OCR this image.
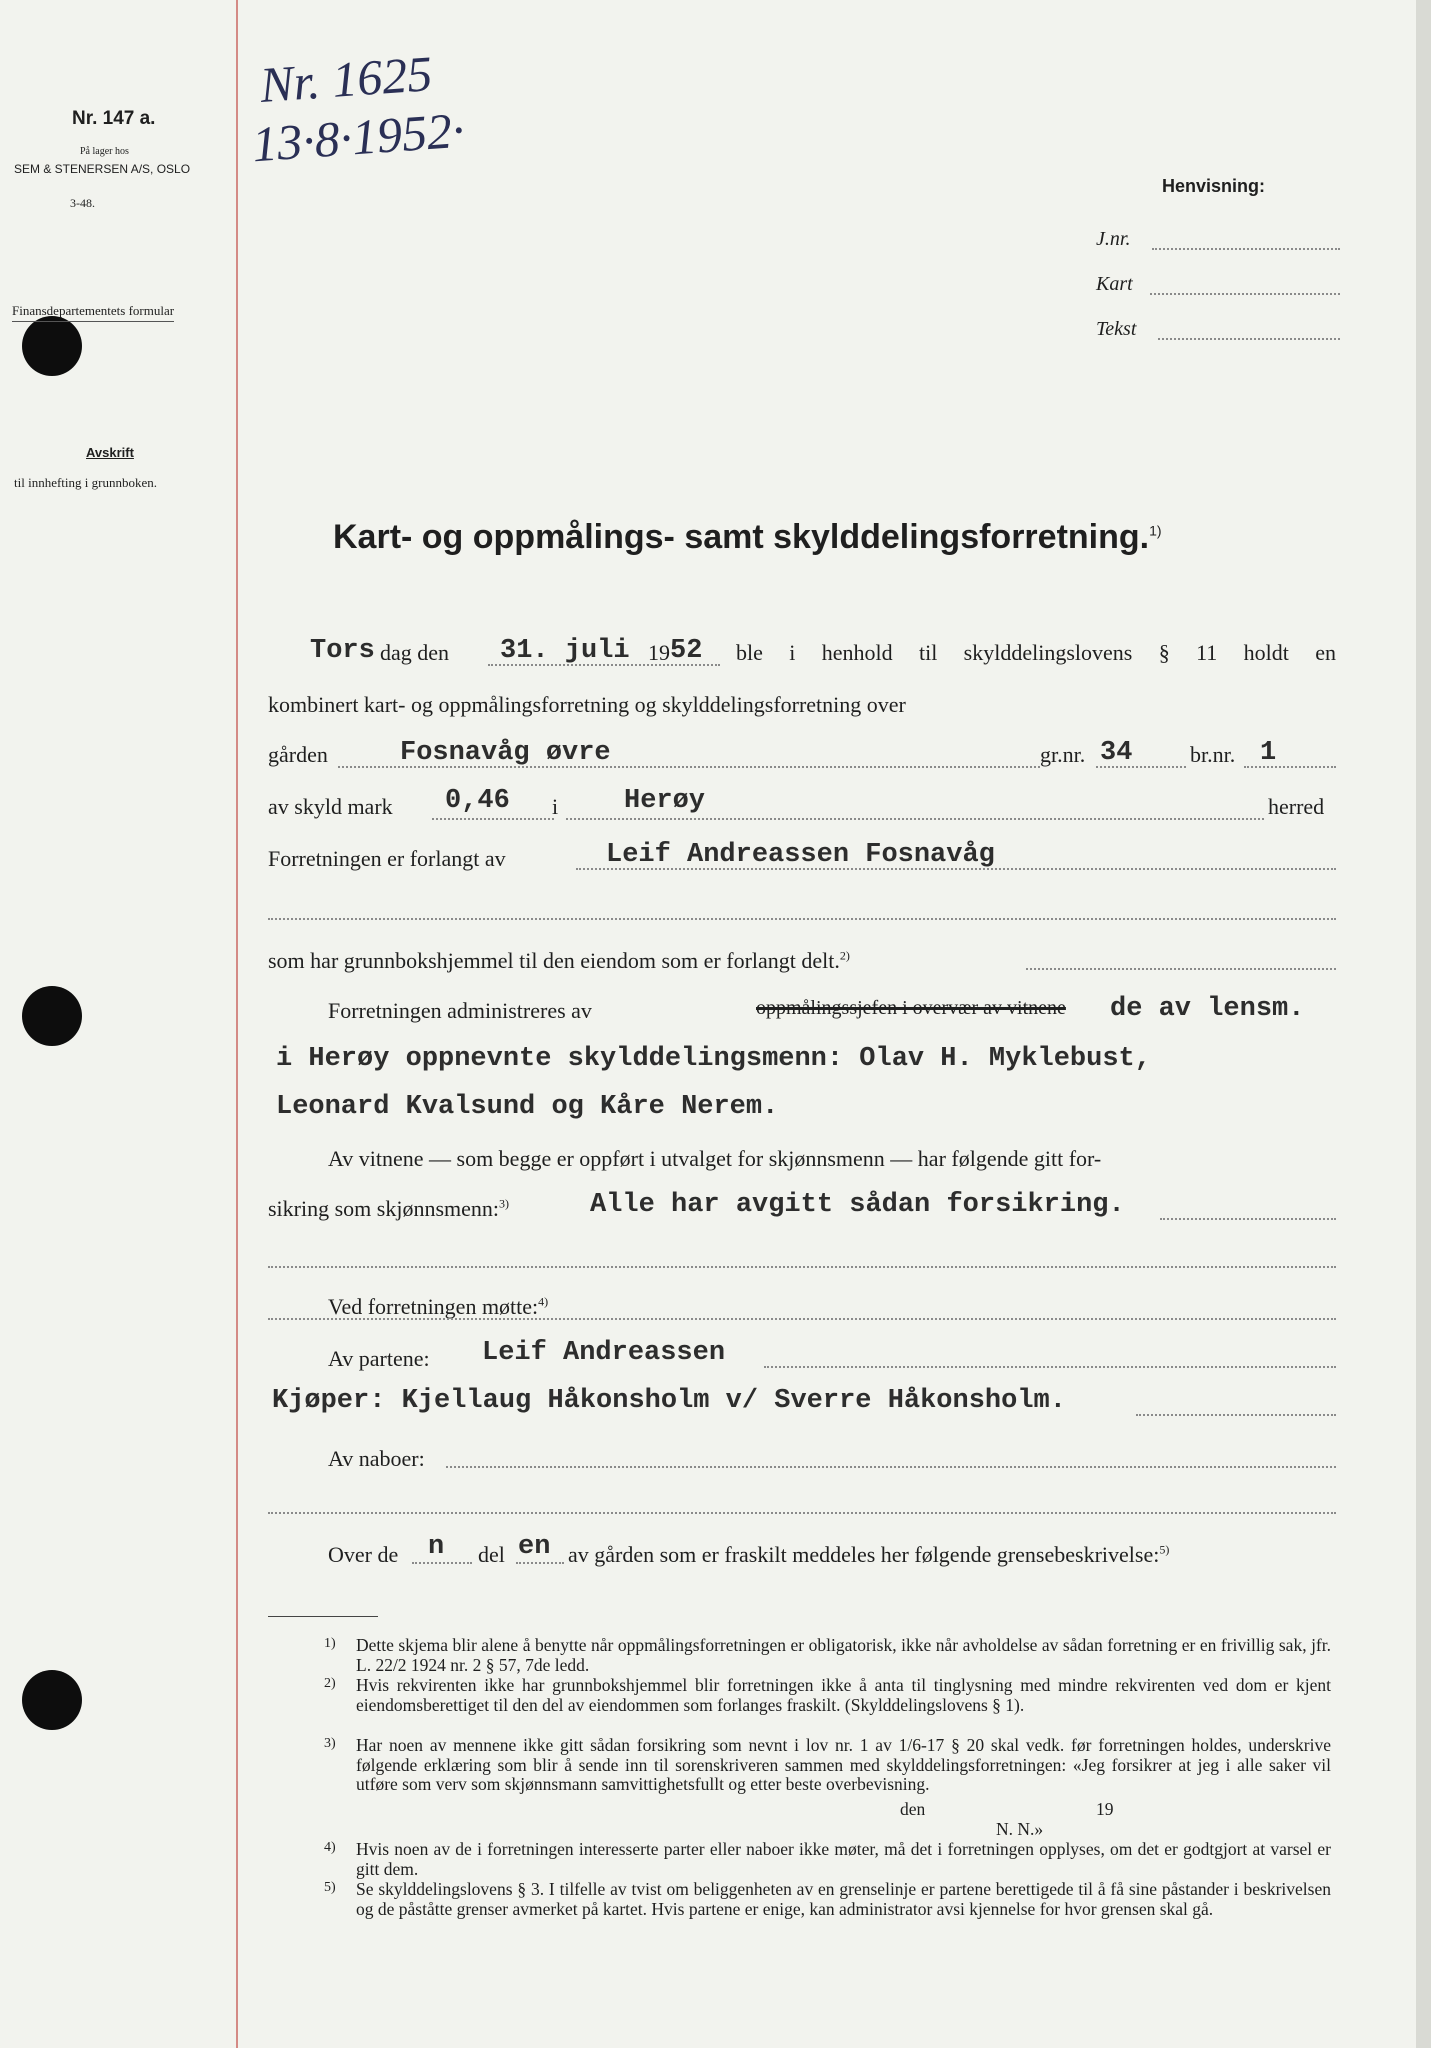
Nr. 147 a.
På lager hos
SEM & STENERSEN A/S, OSLO
3-48.
Finansdepartementets formular
Avskrift
til innhefting i grunnboken.
Nr. 1625
13·8·1952·
Henvisning:
J.nr.
Kart
Tekst
Kart- og oppmålings- samt skylddelingsforretning.$^{1)}$
Tors dag den 31. juli 19 52 ble i henhold til skylddelingslovens § 11 holdt en
kombinert kart- og oppmålingsforretning og skylddelingsforretning over
gården	Fosnavåg øvre	gr.nr. 34	br.nr. 1
av skyld mark 0,46 i Herøy	herred
Forretningen er forlangt av	Leif Andreassen Fosnavåg
som har grunnbokshjemmel til den eiendom som er forlangt delt.$^{2)}$
Forretningen administreres av	oppmålingssjefen i overvær av vitnene	de av lensm.
i Herøy oppnevnte skylddelingsmenn: Olav H. Myklebust,
Leonard Kvalsund og Kåre Nerem.
Av vitnene — som begge er oppført i utvalget for skjønnsmenn — har følgende gitt for-
sikring som skjønnsmenn:$^{3)}$	Alle har avgitt sådan forsikring.
Ved forretningen møtte:$^{4)}$
Av partene: Leif Andreassen
Kjøper: Kjellaug Håkonsholm v/ Sverre Håkonsholm.
Av naboer:
Over de n del en av gården som er fraskilt meddeles her følgende grensebeskrivelse:$^{5)}$
1) Dette skjema blir alene å benytte når oppmålingsforretningen er obligatorisk, ikke når avholdelse av sådan forretning er en frivillig sak, jfr. L. 22/2 1924 nr. 2 § 57, 7de ledd.
2) Hvis rekvirenten ikke har grunnbokshjemmel blir forretningen ikke å anta til tinglysning med mindre rekvirenten ved dom er kjent eiendomsberettiget til den del av eiendommen som forlanges fraskilt. (Skylddelingslovens § 1).
3) Har noen av mennene ikke gitt sådan forsikring som nevnt i lov nr. 1 av 1/6-17 § 20 skal vedk. før forretningen holdes, underskrive følgende erklæring som blir å sende inn til sorenskriveren sammen med skylddelingsforretningen: «Jeg forsikrer at jeg i alle saker vil utføre som verv som skjønnsmann samvittighetsfullt og etter beste overbevisning.
den	19
N. N.»
4) Hvis noen av de i forretningen interesserte parter eller naboer ikke møter, må det i forretningen opplyses, om det er godtgjort at varsel er gitt dem.
5) Se skylddelingslovens § 3. I tilfelle av tvist om beliggenheten av en grenselinje er partene berettigede til å få sine påstander i beskrivelsen og de påståtte grenser avmerket på kartet. Hvis partene er enige, kan administrator avsi kjennelse for hvor grensen skal gå.
